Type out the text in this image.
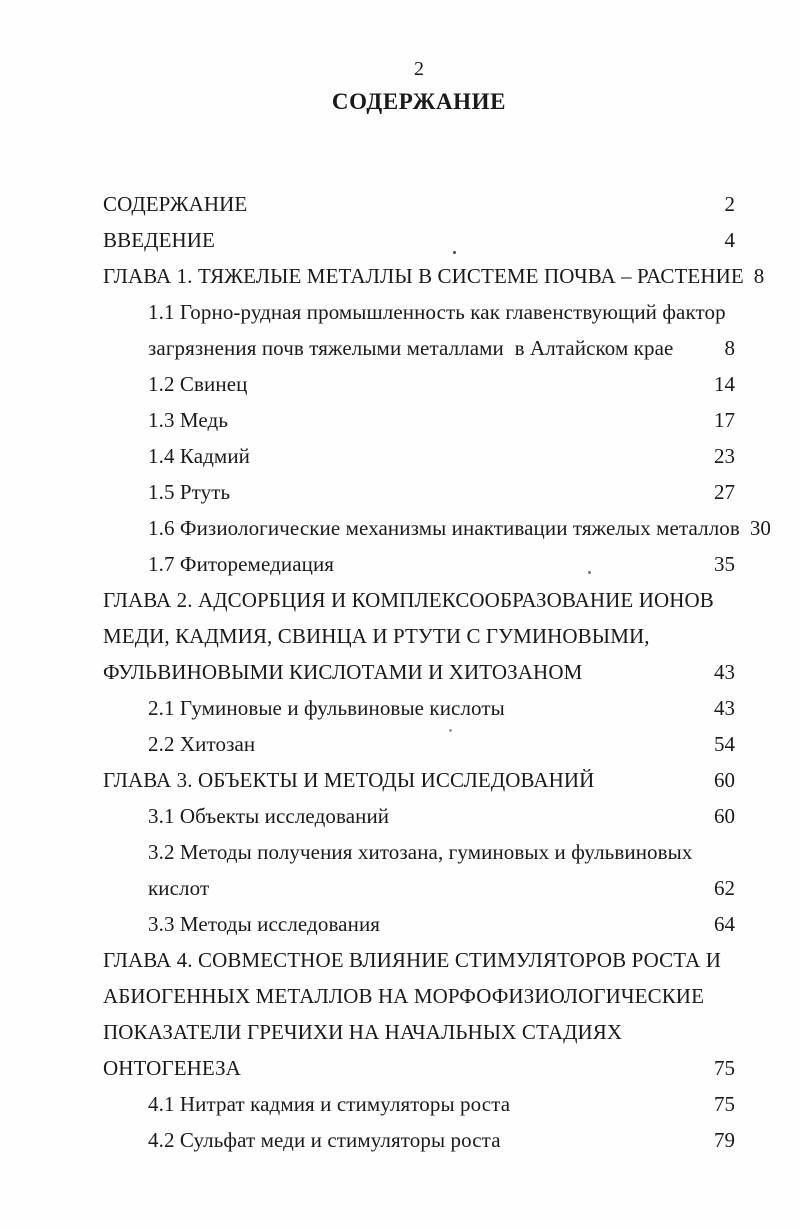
2
СОДЕРЖАНИЕ
СОДЕРЖАНИЕ	2
ВВЕДЕНИЕ	4
ГЛАВА 1. ТЯЖЕЛЫЕ МЕТАЛЛЫ В СИСТЕМЕ ПОЧВА – РАСТЕНИЕ 8
1.1 Горно-рудная промышленность как главенствующий фактор
загрязнения почв тяжелыми металлами  в Алтайском крае	8
1.2 Свинец	14
1.3 Медь	17
1.4 Кадмий	23
1.5 Ртуть	27
1.6 Физиологические механизмы инактивации тяжелых металлов 30
1.7 Фиторемедиация	35
ГЛАВА 2. АДСОРБЦИЯ И КОМПЛЕКСООБРАЗОВАНИЕ ИОНОВ
МЕДИ, КАДМИЯ, СВИНЦА И РТУТИ С ГУМИНОВЫМИ,
ФУЛЬВИНОВЫМИ КИСЛОТАМИ И ХИТОЗАНОМ	43
2.1 Гуминовые и фульвиновые кислоты	43
2.2 Хитозан	54
ГЛАВА 3. ОБЪЕКТЫ И МЕТОДЫ ИССЛЕДОВАНИЙ	60
3.1 Объекты исследований	60
3.2 Методы получения хитозана, гуминовых и фульвиновых
кислот	62
3.3 Методы исследования	64
ГЛАВА 4. СОВМЕСТНОЕ ВЛИЯНИЕ СТИМУЛЯТОРОВ РОСТА И
АБИОГЕННЫХ МЕТАЛЛОВ НА МОРФОФИЗИОЛОГИЧЕСКИЕ
ПОКАЗАТЕЛИ ГРЕЧИХИ НА НАЧАЛЬНЫХ СТАДИЯХ
ОНТОГЕНЕЗА	75
4.1 Нитрат кадмия и стимуляторы роста	75
4.2 Сульфат меди и стимуляторы роста	79
